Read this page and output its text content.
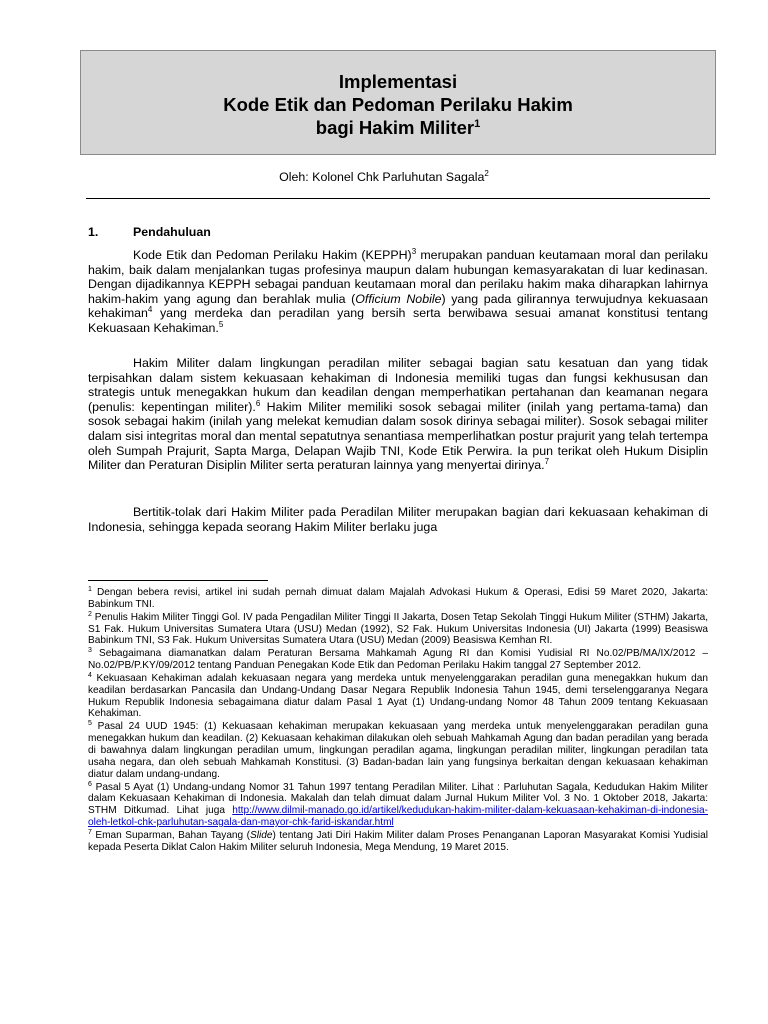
Implementasi
Kode Etik dan Pedoman Perilaku Hakim
bagi Hakim Militer$^1$
Oleh: Kolonel Chk Parluhutan Sagala$^2$
1.	Pendahuluan

Kode Etik dan Pedoman Perilaku Hakim (KEPPH)$^3$ merupakan panduan keutamaan moral dan perilaku hakim, baik dalam menjalankan tugas profesinya maupun dalam hubungan kemasyarakatan di luar kedinasan. Dengan dijadikannya KEPPH sebagai panduan keutamaan moral dan perilaku hakim maka diharapkan lahirnya hakim-hakim yang agung dan berahlak mulia (Officium Nobile) yang pada gilirannya terwujudnya kekuasaan kehakiman$^4$ yang merdeka dan peradilan yang bersih serta berwibawa sesuai amanat konstitusi tentang Kekuasaan Kehakiman.$^5$

Hakim Militer dalam lingkungan peradilan militer sebagai bagian satu kesatuan dan yang tidak terpisahkan dalam sistem kekuasaan kehakiman di Indonesia memiliki tugas dan fungsi kekhususan dan strategis untuk menegakkan hukum dan keadilan dengan memperhatikan pertahanan dan keamanan negara (penulis: kepentingan militer).$^6$ Hakim Militer memiliki sosok sebagai militer (inilah yang pertama-tama) dan sosok sebagai hakim (inilah yang melekat kemudian dalam sosok dirinya sebagai militer). Sosok sebagai militer dalam sisi integritas moral dan mental sepatutnya senantiasa memperlihatkan postur prajurit yang telah tertempa oleh Sumpah Prajurit, Sapta Marga, Delapan Wajib TNI, Kode Etik Perwira. Ia pun terikat oleh Hukum Disiplin Militer dan Peraturan Disiplin Militer serta peraturan lainnya yang menyertai dirinya.$^7$

Bertitik-tolak dari Hakim Militer pada Peradilan Militer merupakan bagian dari kekuasaan kehakiman di Indonesia, sehingga kepada seorang Hakim Militer berlaku juga

$^1$ Dengan bebera revisi, artikel ini sudah pernah dimuat dalam Majalah Advokasi Hukum & Operasi, Edisi 59 Maret 2020, Jakarta: Babinkum TNI.

$^2$ Penulis Hakim Militer Tinggi Gol. IV pada Pengadilan Militer Tinggi II Jakarta, Dosen Tetap Sekolah Tinggi Hukum Militer (STHM) Jakarta, S1 Fak. Hukum Universitas Sumatera Utara (USU) Medan (1992), S2 Fak. Hukum Universitas Indonesia (UI) Jakarta (1999) Beasiswa Babinkum TNI, S3 Fak. Hukum Universitas Sumatera Utara (USU) Medan (2009) Beasiswa Kemhan RI.

$^3$ Sebagaimana diamanatkan dalam Peraturan Bersama Mahkamah Agung RI dan Komisi Yudisial RI No.02/PB/MA/IX/2012 – No.02/PB/P.KY/09/2012 tentang Panduan Penegakan Kode Etik dan Pedoman Perilaku Hakim tanggal 27 September 2012.

$^4$ Kekuasaan Kehakiman adalah kekuasaan negara yang merdeka untuk menyelenggarakan peradilan guna menegakkan hukum dan keadilan berdasarkan Pancasila dan Undang-Undang Dasar Negara Republik Indonesia Tahun 1945, demi terselenggaranya Negara Hukum Republik Indonesia sebagaimana diatur dalam Pasal 1 Ayat (1) Undang-undang Nomor 48 Tahun 2009 tentang Kekuasaan Kehakiman.

$^5$ Pasal 24 UUD 1945: (1) Kekuasaan kehakiman merupakan kekuasaan yang merdeka untuk menyelenggarakan peradilan guna menegakkan hukum dan keadilan. (2) Kekuasaan kehakiman dilakukan oleh sebuah Mahkamah Agung dan badan peradilan yang berada di bawahnya dalam lingkungan peradilan umum, lingkungan peradilan agama, lingkungan peradilan militer, lingkungan peradilan tata usaha negara, dan oleh sebuah Mahkamah Konstitusi. (3) Badan-badan lain yang fungsinya berkaitan dengan kekuasaan kehakiman diatur dalam undang-undang.

$^6$ Pasal 5 Ayat (1) Undang-undang Nomor 31 Tahun 1997 tentang Peradilan Militer. Lihat : Parluhutan Sagala, Kedudukan Hakim Militer dalam Kekuasaan Kehakiman di Indonesia. Makalah dan telah dimuat dalam Jurnal Hukum Militer Vol. 3 No. 1 Oktober 2018, Jakarta: STHM Ditkumad. Lihat juga http://www.dilmil-manado.go.id/artikel/kedudukan-hakim-militer-dalam-kekuasaan-kehakiman-di-indonesia-oleh-letkol-chk-parluhutan-sagala-dan-mayor-chk-farid-iskandar.html

$^7$ Eman Suparman, Bahan Tayang (Slide) tentang Jati Diri Hakim Militer dalam Proses Penanganan Laporan Masyarakat Komisi Yudisial kepada Peserta Diklat Calon Hakim Militer seluruh Indonesia, Mega Mendung, 19 Maret 2015.
